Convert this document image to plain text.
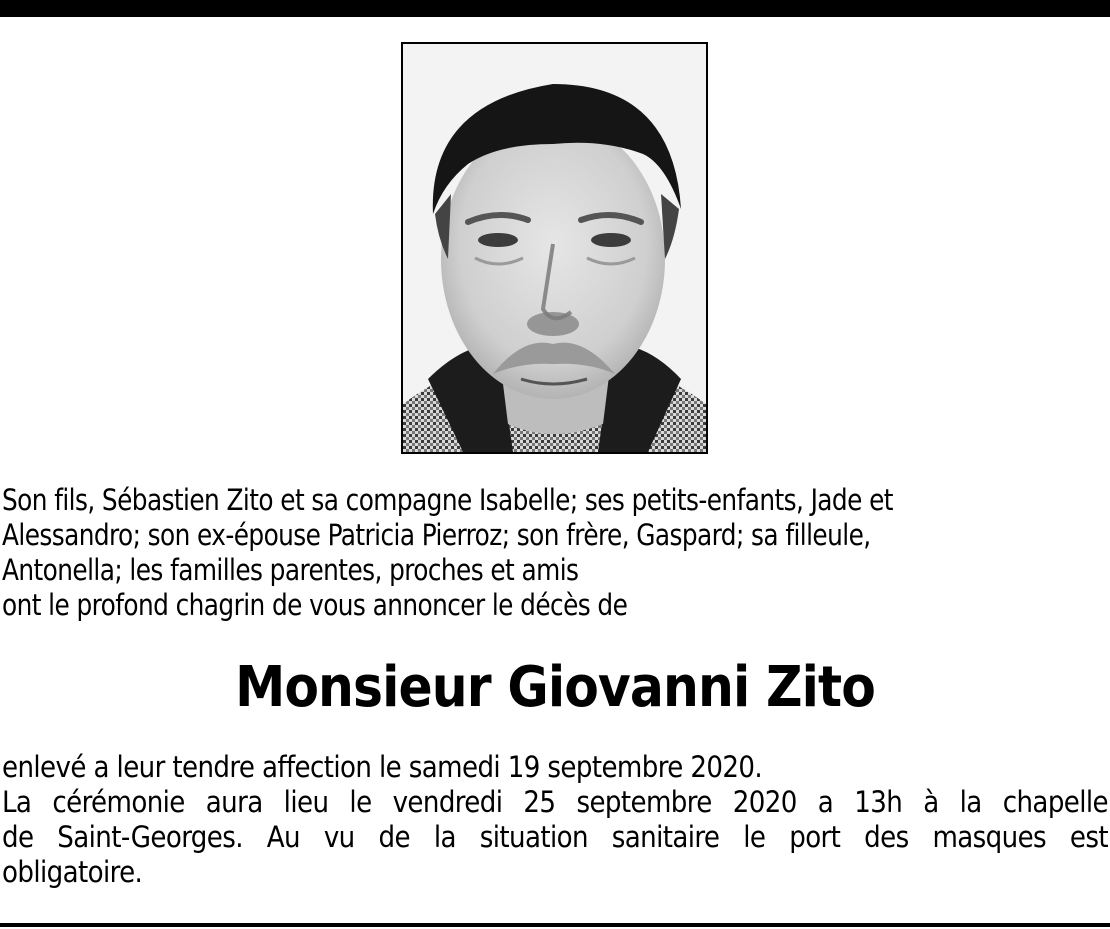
Son fils, Sébastien Zito et sa compagne Isabelle; ses petits-enfants, Jade et
Alessandro; son ex-épouse Patricia Pierroz; son frère, Gaspard; sa filleule,
Antonella; les familles parentes, proches et amis
ont le profond chagrin de vous annoncer le décès de
Monsieur Giovanni Zito
enlevé a leur tendre affection le samedi 19 septembre 2020.
La cérémonie aura lieu le vendredi 25 septembre 2020 a 13h à la chapelle
de Saint-Georges. Au vu de la situation sanitaire le port des masques est
obligatoire.
